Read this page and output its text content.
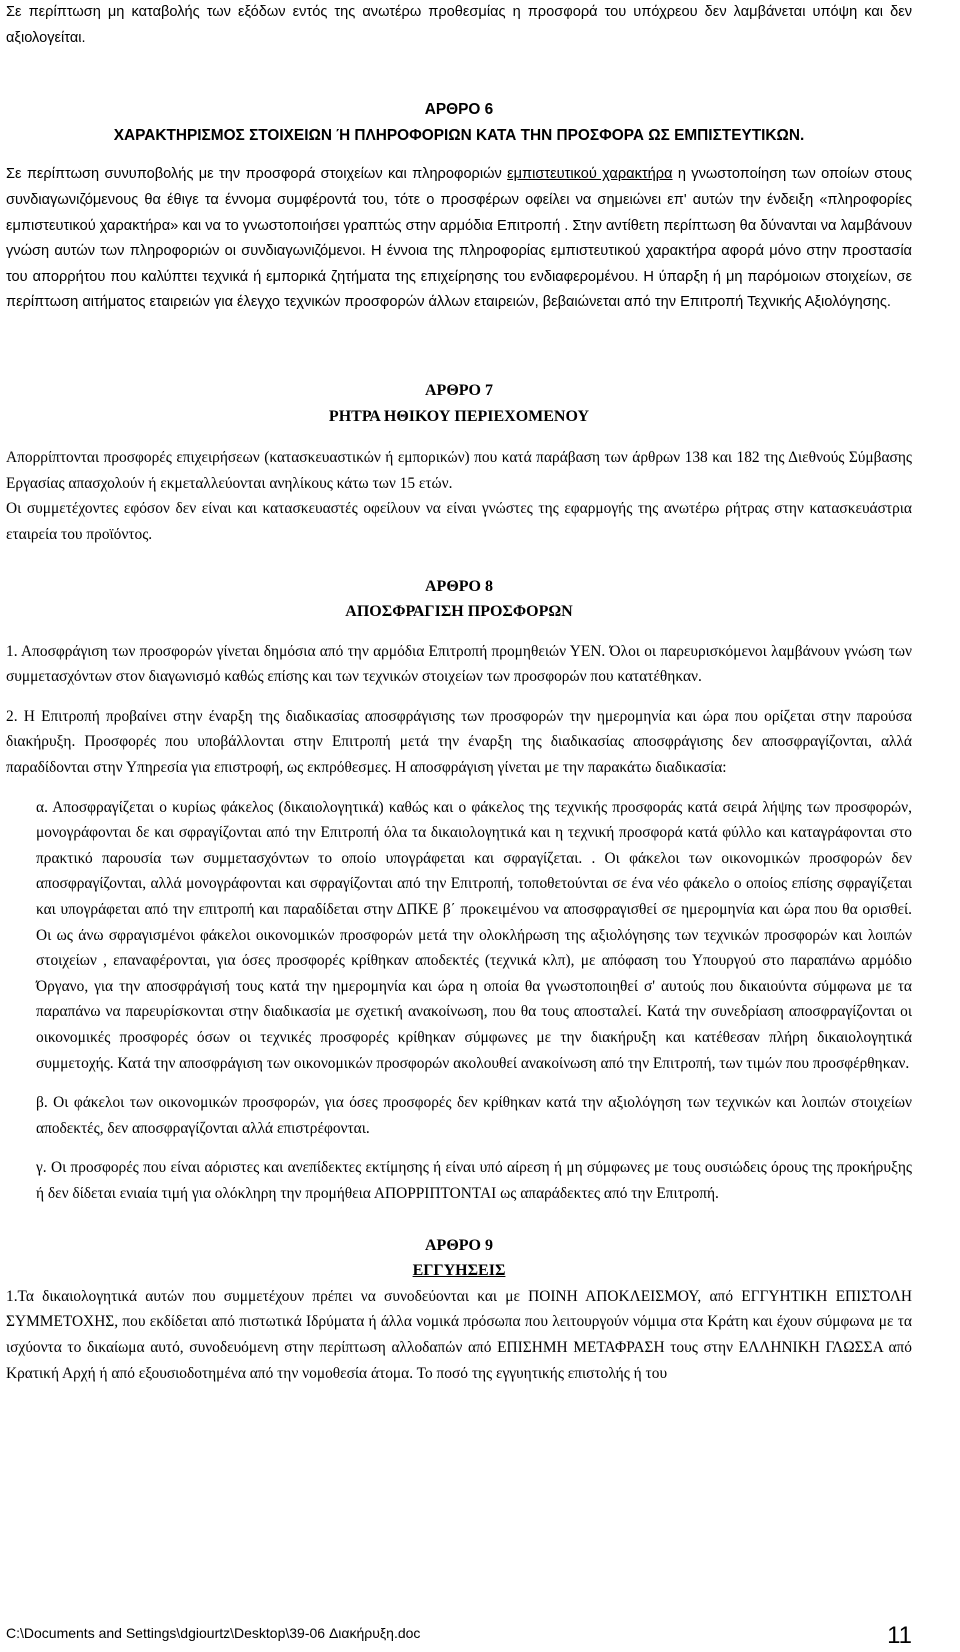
Σε περίπτωση μη καταβολής των εξόδων εντός της ανωτέρω προθεσμίας η προσφορά του υπόχρεου δεν λαμβάνεται υπόψη και δεν αξιολογείται.

ΑΡΘΡΟ 6

ΧΑΡΑΚΤΗΡΙΣΜΟΣ ΣΤΟΙΧΕΙΩΝ Ή ΠΛΗΡΟΦΟΡΙΩΝ ΚΑΤΑ ΤΗΝ ΠΡΟΣΦΟΡΑ ΩΣ ΕΜΠΙΣΤΕΥΤΙΚΩΝ.

Σε περίπτωση συνυποβολής με την προσφορά στοιχείων και πληροφοριών εμπιστευτικού χαρακτήρα η γνωστοποίηση των οποίων στους συνδιαγωνιζόμενους θα έθιγε τα έννομα συμφέροντά του, τότε ο προσφέρων οφείλει να σημειώνει επ' αυτών την ένδειξη «πληροφορίες εμπιστευτικού χαρακτήρα» και να το γνωστοποιήσει γραπτώς στην αρμόδια Επιτροπή . Στην αντίθετη περίπτωση θα δύνανται να λαμβάνουν γνώση αυτών των πληροφοριών οι συνδιαγωνιζόμενοι. Η έννοια της πληροφορίας εμπιστευτικού χαρακτήρα αφορά μόνο στην προστασία του απορρήτου που καλύπτει τεχνικά ή εμπορικά ζητήματα της επιχείρησης του ενδιαφερομένου. Η ύπαρξη ή μη παρόμοιων στοιχείων, σε περίπτωση αιτήματος εταιρειών για έλεγχο τεχνικών προσφορών άλλων εταιρειών, βεβαιώνεται από την Επιτροπή Τεχνικής Αξιολόγησης.

ΑΡΘΡΟ 7

ΡΗΤΡΑ ΗΘΙΚΟΥ ΠΕΡΙΕΧΟΜΕΝΟΥ

Απορρίπτονται προσφορές επιχειρήσεων (κατασκευαστικών ή εμπορικών) που κατά παράβαση των άρθρων 138 και 182 της Διεθνούς Σύμβασης Εργασίας απασχολούν ή εκμεταλλεύονται ανηλίκους κάτω των 15 ετών.

Οι συμμετέχοντες εφόσον δεν είναι και κατασκευαστές οφείλουν να είναι γνώστες της εφαρμογής της ανωτέρω ρήτρας στην κατασκευάστρια εταιρεία του προϊόντος.

ΑΡΘΡΟ 8

ΑΠΟΣΦΡΑΓΙΣΗ ΠΡΟΣΦΟΡΩΝ

1. Αποσφράγιση των προσφορών γίνεται δημόσια από την αρμόδια Επιτροπή προμηθειών ΥΕΝ. Όλοι οι παρευρισκόμενοι λαμβάνουν γνώση των συμμετασχόντων στον διαγωνισμό καθώς επίσης και των τεχνικών στοιχείων των προσφορών που κατατέθηκαν.

2. Η Επιτροπή προβαίνει στην έναρξη της διαδικασίας αποσφράγισης των προσφορών την ημερομηνία και ώρα που ορίζεται στην παρούσα διακήρυξη. Προσφορές που υποβάλλονται στην Επιτροπή μετά την έναρξη της διαδικασίας αποσφράγισης δεν αποσφραγίζονται, αλλά παραδίδονται στην Υπηρεσία για επιστροφή, ως εκπρόθεσμες. Η αποσφράγιση γίνεται με την παρακάτω διαδικασία:

α. Αποσφραγίζεται ο κυρίως φάκελος (δικαιολογητικά) καθώς και ο φάκελος της τεχνικής προσφοράς κατά σειρά λήψης των προσφορών, μονογράφονται δε και σφραγίζονται από την Επιτροπή όλα τα δικαιολογητικά και η τεχνική προσφορά κατά φύλλο και καταγράφονται στο πρακτικό παρουσία των συμμετασχόντων το οποίο υπογράφεται και σφραγίζεται. . Οι φάκελοι των οικονομικών προσφορών δεν αποσφραγίζονται, αλλά μονογράφονται και σφραγίζονται από την Επιτροπή, τοποθετούνται σε ένα νέο φάκελο ο οποίος επίσης σφραγίζεται και υπογράφεται από την επιτροπή και παραδίδεται στην ΔΠΚΕ β΄ προκειμένου να αποσφραγισθεί σε ημερομηνία και ώρα που θα ορισθεί. Οι ως άνω σφραγισμένοι φάκελοι οικονομικών προσφορών μετά την ολοκλήρωση της αξιολόγησης των τεχνικών προσφορών και λοιπών στοιχείων , επαναφέρονται, για όσες προσφορές κρίθηκαν αποδεκτές (τεχνικά κλπ), με απόφαση του Υπουργού στο παραπάνω αρμόδιο Όργανο, για την αποσφράγισή τους κατά την ημερομηνία και ώρα η οποία θα γνωστοποιηθεί σ' αυτούς που δικαιούντα σύμφωνα με τα παραπάνω να παρευρίσκονται στην διαδικασία με σχετική ανακοίνωση, που θα τους αποσταλεί. Κατά την συνεδρίαση αποσφραγίζονται οι οικονομικές προσφορές όσων οι τεχνικές προσφορές κρίθηκαν σύμφωνες με την διακήρυξη και κατέθεσαν πλήρη δικαιολογητικά συμμετοχής. Κατά την αποσφράγιση των οικονομικών προσφορών ακολουθεί ανακοίνωση από την Επιτροπή, των τιμών που προσφέρθηκαν.

β. Οι φάκελοι των οικονομικών προσφορών, για όσες προσφορές δεν κρίθηκαν κατά την αξιολόγηση των τεχνικών και λοιπών στοιχείων αποδεκτές, δεν αποσφραγίζονται αλλά επιστρέφονται.

γ. Οι προσφορές που είναι αόριστες και ανεπίδεκτες εκτίμησης ή είναι υπό αίρεση ή μη σύμφωνες με τους ουσιώδεις όρους της προκήρυξης ή δεν δίδεται ενιαία τιμή για ολόκληρη την προμήθεια ΑΠΟΡΡΙΠΤΟΝΤΑΙ ως απαράδεκτες από την Επιτροπή.

ΑΡΘΡΟ 9

ΕΓΓΥΗΣΕΙΣ

1.Τα δικαιολογητικά αυτών που συμμετέχουν πρέπει να συνοδεύονται και με ΠΟΙΝΗ ΑΠΟΚΛΕΙΣΜΟΥ, από ΕΓΓΥΗΤΙΚΗ ΕΠΙΣΤΟΛΗ ΣΥΜΜΕΤΟΧΗΣ, που εκδίδεται από πιστωτικά Ιδρύματα ή άλλα νομικά πρόσωπα που λειτουργούν νόμιμα στα Κράτη και έχουν σύμφωνα με τα ισχύοντα το δικαίωμα αυτό, συνοδευόμενη στην περίπτωση αλλοδαπών από ΕΠΙΣΗΜΗ ΜΕΤΑΦΡΑΣΗ τους στην ΕΛΛΗΝΙΚΗ ΓΛΩΣΣΑ από Κρατική Αρχή ή από εξουσιοδοτημένα από την νομοθεσία άτομα. Το ποσό της εγγυητικής επιστολής ή του

C:\Documents and Settings\dgiourtz\Desktop\39-06 Διακήρυξη.doc	11
